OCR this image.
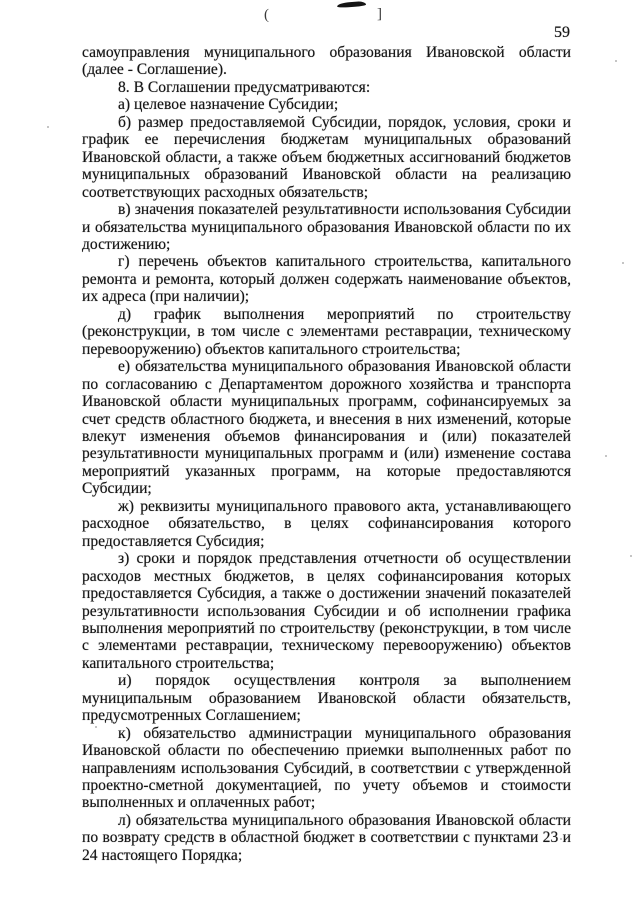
(	]
59

самоуправления муниципального образования Ивановской области (далее - Соглашение).

8. В Соглашении предусматриваются:

а) целевое назначение Субсидии;

б) размер предоставляемой Субсидии, порядок, условия, сроки и график ее перечисления бюджетам муниципальных образований Ивановской области, а также объем бюджетных ассигнований бюджетов муниципальных образований Ивановской области на реализацию соответствующих расходных обязательств;

в) значения показателей результативности использования Субсидии и обязательства муниципального образования Ивановской области по их достижению;

г) перечень объектов капитального строительства, капитального ремонта и ремонта, который должен содержать наименование объектов, их адреса (при наличии);

д) график выполнения мероприятий по строительству (реконструкции, в том числе с элементами реставрации, техническому перевооружению) объектов капитального строительства;

е) обязательства муниципального образования Ивановской области по согласованию с Департаментом дорожного хозяйства и транспорта Ивановской области муниципальных программ, софинансируемых за счет средств областного бюджета, и внесения в них изменений, которые влекут изменения объемов финансирования и (или) показателей результативности муниципальных программ и (или) изменение состава мероприятий указанных программ, на которые предоставляются Субсидии;

ж) реквизиты муниципального правового акта, устанавливающего расходное обязательство, в целях софинансирования которого предоставляется Субсидия;

з) сроки и порядок представления отчетности об осуществлении расходов местных бюджетов, в целях софинансирования которых предоставляется Субсидия, а также о достижении значений показателей результативности использования Субсидии и об исполнении графика выполнения мероприятий по строительству (реконструкции, в том числе с элементами реставрации, техническому перевооружению) объектов капитального строительства;

и) порядок осуществления контроля за выполнением муниципальным образованием Ивановской области обязательств, предусмотренных Соглашением;

к) обязательство администрации муниципального образования Ивановской области по обеспечению приемки выполненных работ по направлениям использования Субсидий, в соответствии с утвержденной проектно-сметной документацией, по учету объемов и стоимости выполненных и оплаченных работ;

л) обязательства муниципального образования Ивановской области по возврату средств в областной бюджет в соответствии с пунктами 23 и 24 настоящего Порядка;
